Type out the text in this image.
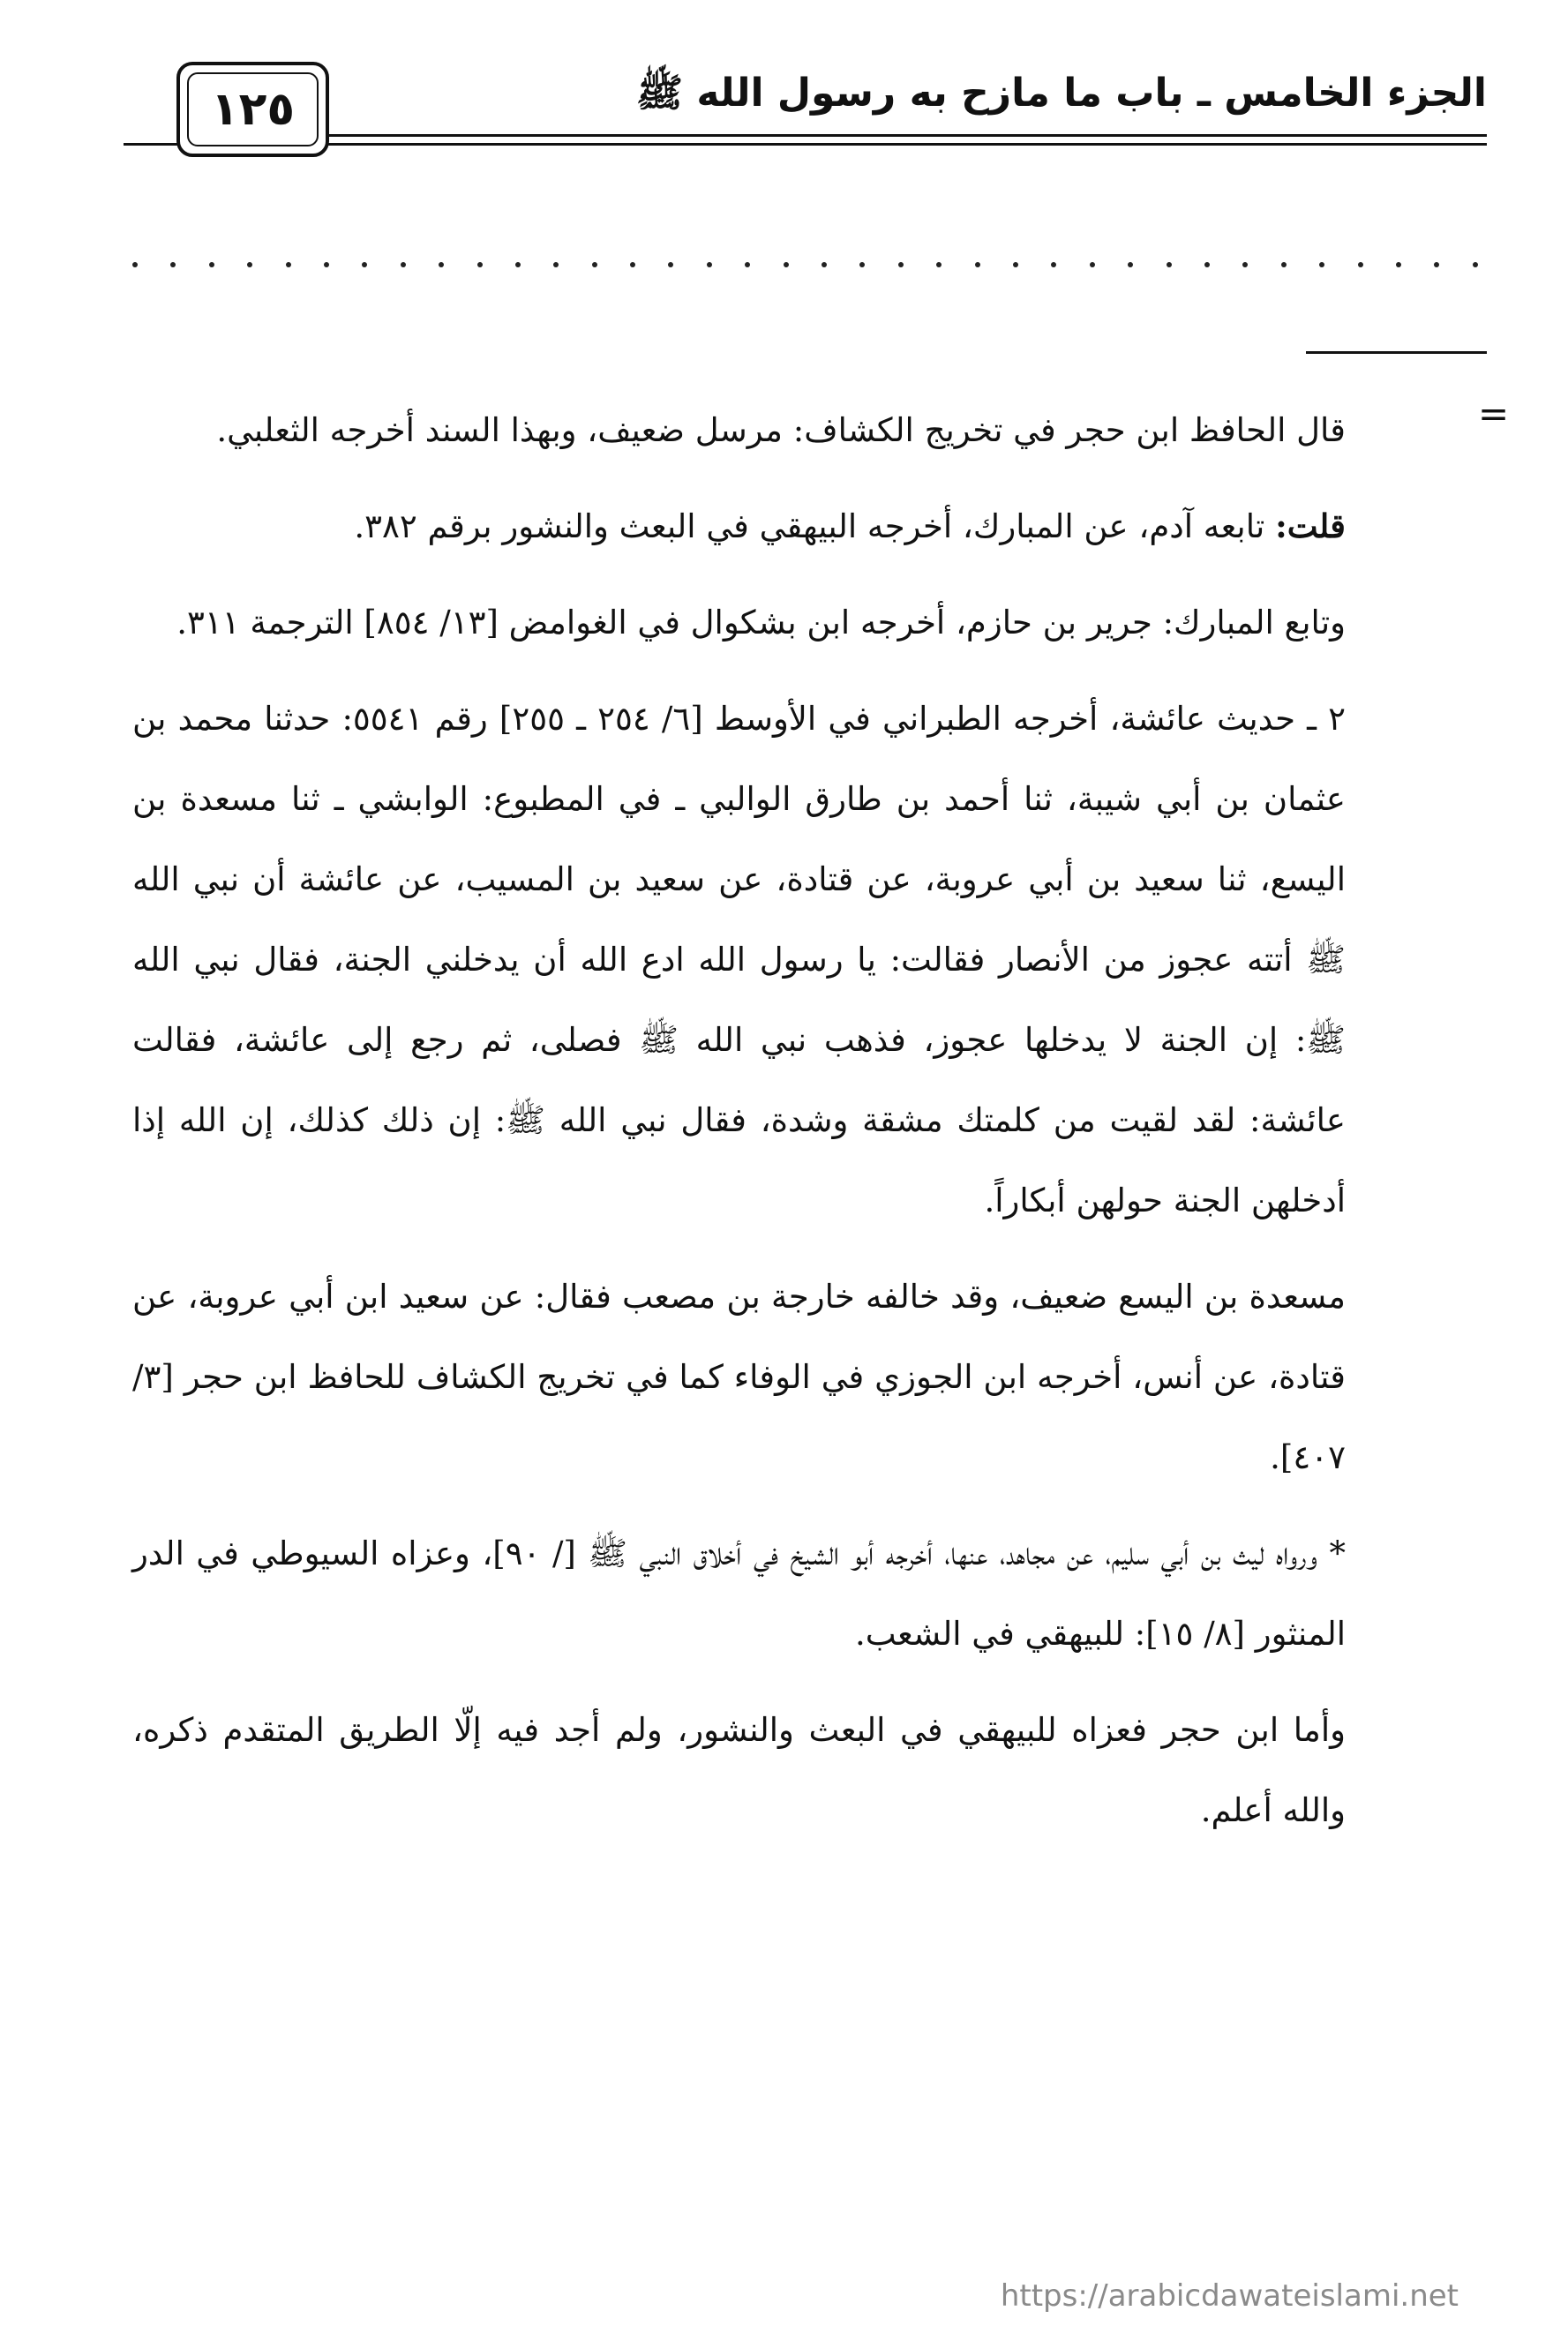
الجزء الخامس ـ باب ما مازح به رسول الله ﷺ
١٢٥
=

قال الحافظ ابن حجر في تخريج الكشاف: مرسل ضعيف، وبهذا السند أخرجه الثعلبي.

قلت: تابعه آدم، عن المبارك، أخرجه البيهقي في البعث والنشور برقم ٣٨٢.

وتابع المبارك: جرير بن حازم، أخرجه ابن بشكوال في الغوامض [١٣/ ٨٥٤] الترجمة ٣١١.

٢ ـ حديث عائشة، أخرجه الطبراني في الأوسط [٦/ ٢٥٤ ـ ٢٥٥] رقم ٥٥٤١: حدثنا محمد بن عثمان بن أبي شيبة، ثنا أحمد بن طارق الوالبي ـ في المطبوع: الوابشي ـ ثنا مسعدة بن اليسع، ثنا سعيد بن أبي عروبة، عن قتادة، عن سعيد بن المسيب، عن عائشة أن نبي الله ﷺ أتته عجوز من الأنصار فقالت: يا رسول الله ادع الله أن يدخلني الجنة، فقال نبي الله ﷺ: إن الجنة لا يدخلها عجوز، فذهب نبي الله ﷺ فصلى، ثم رجع إلى عائشة، فقالت عائشة: لقد لقيت من كلمتك مشقة وشدة، فقال نبي الله ﷺ: إن ذلك كذلك، إن الله إذا أدخلهن الجنة حولهن أبكاراً.

مسعدة بن اليسع ضعيف، وقد خالفه خارجة بن مصعب فقال: عن سعيد ابن أبي عروبة، عن قتادة، عن أنس، أخرجه ابن الجوزي في الوفاء كما في تخريج الكشاف للحافظ ابن حجر [٣/ ٤٠٧].

* ورواه ليث بن أبي سليم، عن مجاهد، عنها، أخرجه أبو الشيخ في أخلاق النبي ﷺ [/ ٩٠]، وعزاه السيوطي في الدر المنثور [٨/ ١٥]: للبيهقي في الشعب.

وأما ابن حجر فعزاه للبيهقي في البعث والنشور، ولم أجد فيه إلّا الطريق المتقدم ذكره، والله أعلم.

https://arabicdawateislami.net
